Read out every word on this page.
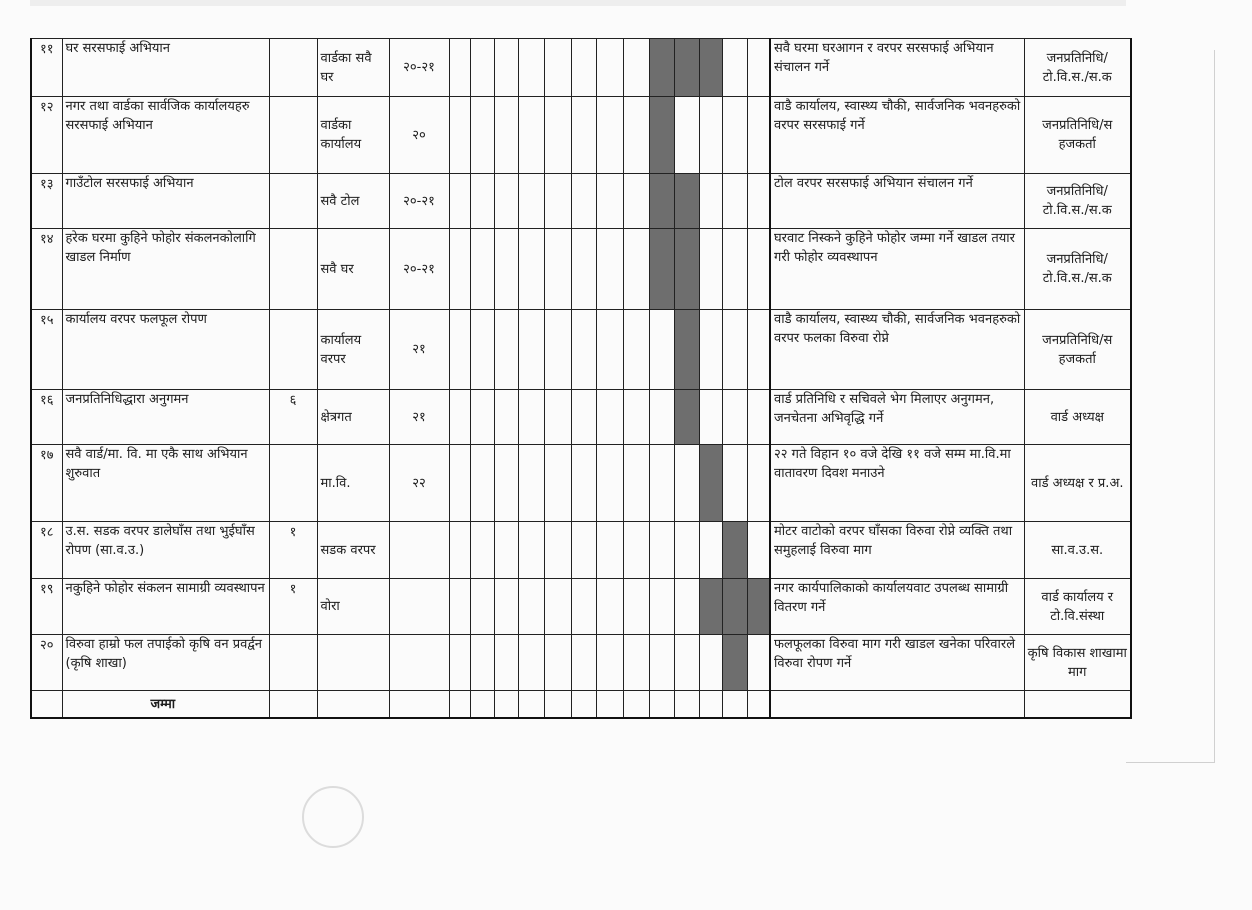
११	घर सरसफाई अभियान		वार्डका सवै घर	२०-२१														सवै घरमा घरआगन र वरपर सरसफाई अभियान संचालन गर्ने	जनप्रतिनिधि/ टो.वि.स./स.क
१२	नगर तथा वार्डका सार्वजिक कार्यालयहरु सरसफाई अभियान		वार्डका कार्यालय	२०														वाडै कार्यालय, स्वास्थ्य चौकी, सार्वजनिक भवनहरुको वरपर सरसफाई गर्ने	जनप्रतिनिधि/स हजकर्ता
१३	गाउँटोल सरसफाई अभियान		सवै टोल	२०-२१														टोल वरपर सरसफाई अभियान संचालन गर्ने	जनप्रतिनिधि/ टो.वि.स./स.क
१४	हरेक घरमा कुहिने फोहोर संकलनकोलागि खाडल निर्माण		सवै घर	२०-२१														घरवाट निस्कने कुहिने फोहोर जम्मा गर्ने खाडल तयार गरी फोहोर व्यवस्थापन	जनप्रतिनिधि/ टो.वि.स./स.क
१५	कार्यालय वरपर फलफूल रोपण		कार्यालय वरपर	२१														वाडै कार्यालय, स्वास्थ्य चौकी, सार्वजनिक भवनहरुको वरपर फलका विरुवा रोप्ने	जनप्रतिनिधि/स हजकर्ता
१६	जनप्रतिनिधिद्धारा अनुगमन	६	क्षेत्रगत	२१														वार्ड प्रतिनिधि र सचिवले भेग मिलाएर अनुगमन, जनचेतना अभिवृद्धि गर्ने	वार्ड अध्यक्ष
१७	सवै वार्ड/मा. वि. मा एकै साथ अभियान शुरुवात		मा.वि.	२२														२२ गते विहान १० वजे देखि ११ वजे सम्म मा.वि.मा वातावरण दिवश मनाउने	वार्ड अध्यक्ष र प्र.अ.
१८	उ.स. सडक वरपर डालेघाँस तथा भुईघाँस रोपण (सा.व.उ.)	१	सडक वरपर															मोटर वाटोको वरपर घाँसका विरुवा रोप्ने व्यक्ति तथा समुहलाई विरुवा माग	सा.व.उ.स.
१९	नकुहिने फोहोर संकलन सामाग्री व्यवस्थापन	१	वोरा															नगर कार्यपालिकाको कार्यालयवाट उपलब्ध सामाग्री वितरण गर्ने	वार्ड कार्यालय र टो.वि.संस्था
२०	विरुवा हाम्रो फल तपाईको कृषि वन प्रवर्द्वन (कृषि शाखा)																	फलफूलका विरुवा माग गरी खाडल खनेका परिवारले विरुवा रोपण गर्ने	कृषि विकास शाखामा माग
	जम्मा																		
